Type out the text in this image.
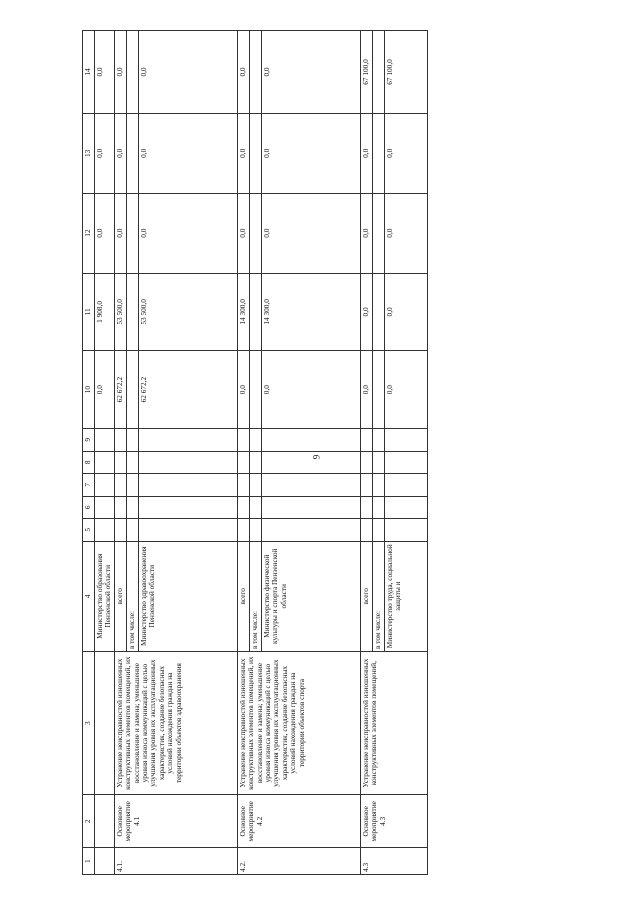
9
1	2	3	4	5	6	7	8	9	10	11	12	13	14
			Министерство образования Пензенской области						0,0	1 908,0	0,0	0,0	0,0
4.1.	Основное мероприятие 4.1	Устранение неисправностей изношенных конструктивных элементов помещений, их восстановление и замена; уменьшение уровня износа коммуникаций с целью улучшения уровня их эксплуатационных характеристик, создание безопасных условий нахождения граждан на территории объектов здравоохранения	всего						62 672,2	53 500,0	0,0	0,0	0,0
			в том числе:										
			Министерство здравоохранения Пензенской области						62 672,2	53 500,0	0,0	0,0	0,0
4.2.	Основное мероприятие 4.2	Устранение неисправностей изношенных конструктивных элементов помещений, их восстановление и замена; уменьшение уровня износа коммуникаций с целью улучшения уровня их эксплуатационных характеристик, создание безопасных условий нахождения граждан на территории объектов спорта	всего						0,0	14 300,0	0,0	0,0	0,0
			в том числе:										
			Министерство физической культуры и спорта Пензенской области						0,0	14 300,0	0,0	0,0	0,0
4.3	Основное мероприятие 4.3	Устранение неисправностей изношенных конструктивных элементов помещений,	всего						0,0	0,0	0,0	0,0	67 100,0
			в том числе:										
			Министерство труда, социальной защиты и						0,0	0,0	0,0	0,0	67 100,0
